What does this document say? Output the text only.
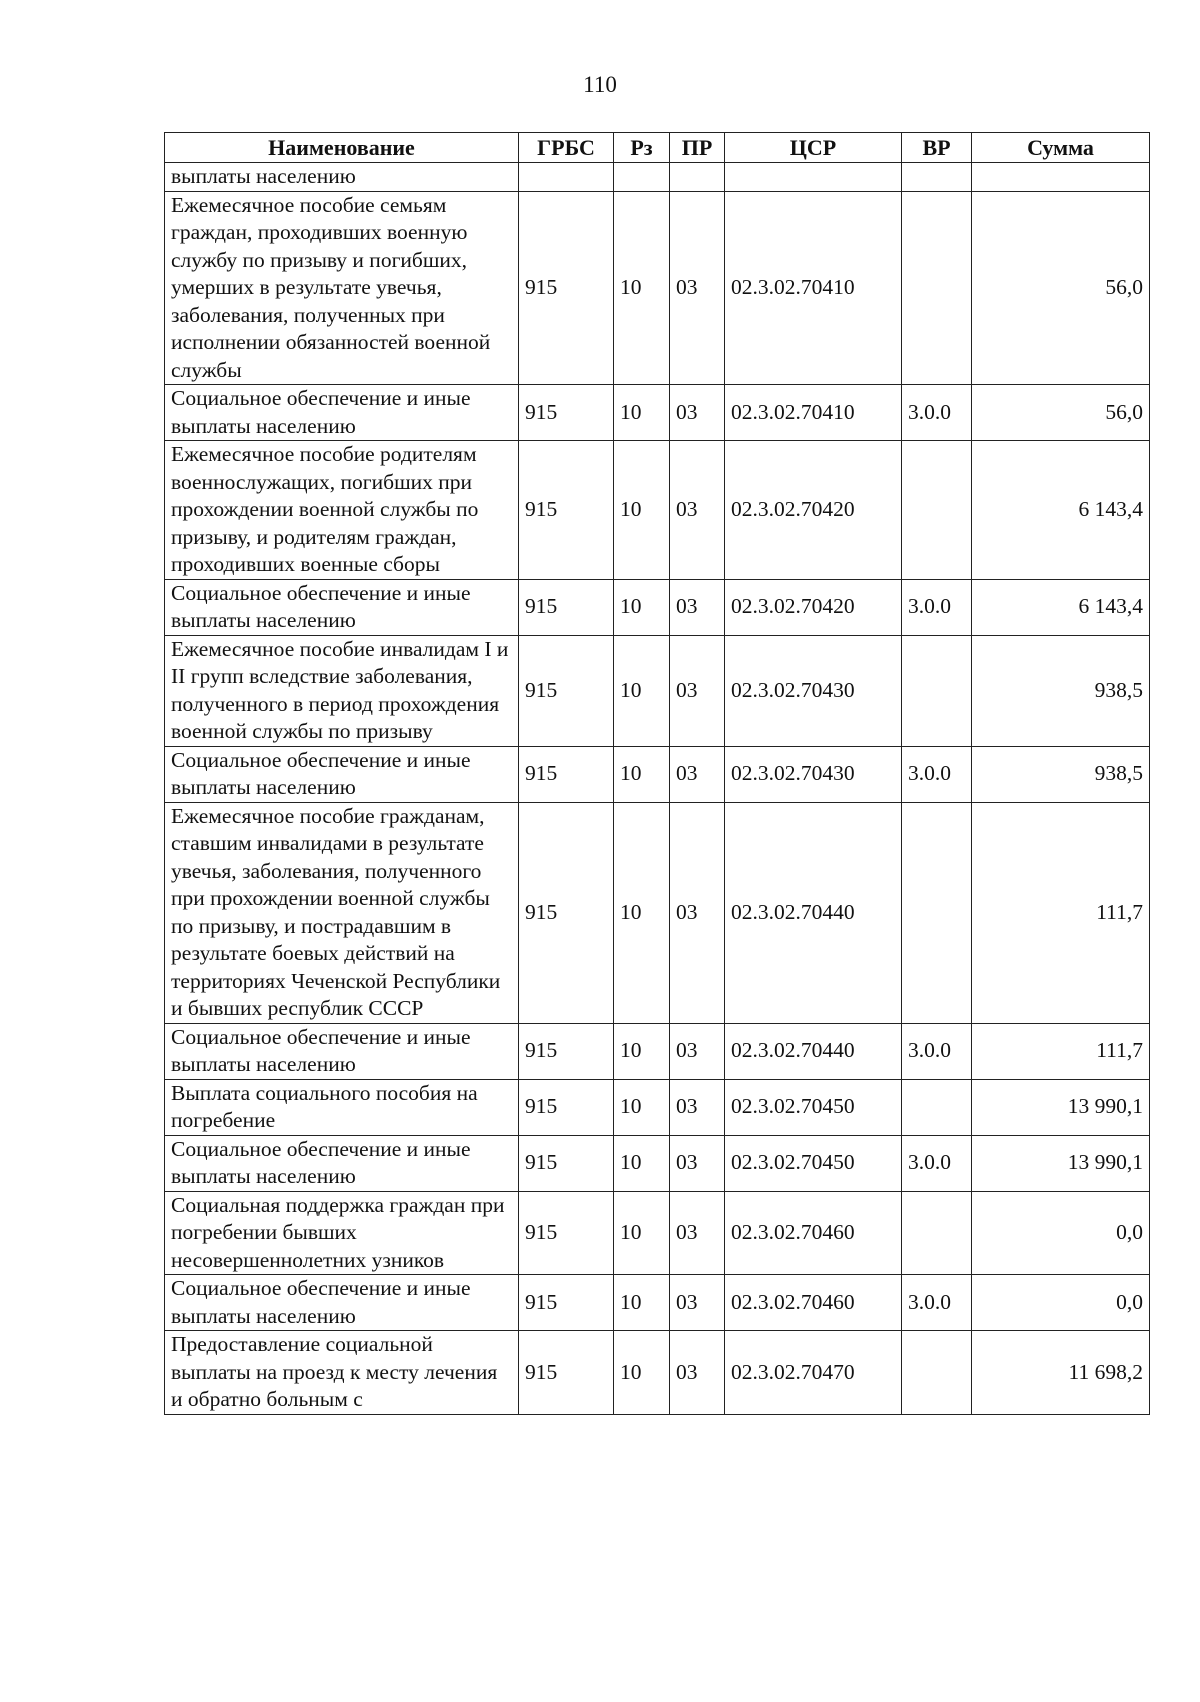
110
Наименование	ГРБС	Рз	ПР	ЦСР	ВР	Сумма
выплаты населению						
Ежемесячное пособие семьям граждан, проходивших военную службу по призыву и погибших, умерших в результате увечья, заболевания, полученных при исполнении обязанностей военной службы	915	10	03	02.3.02.70410		56,0
Социальное обеспечение и иные выплаты населению	915	10	03	02.3.02.70410	3.0.0	56,0
Ежемесячное пособие родителям военнослужащих, погибших при прохождении военной службы по призыву, и родителям граждан, проходивших военные сборы	915	10	03	02.3.02.70420		6 143,4
Социальное обеспечение и иные выплаты населению	915	10	03	02.3.02.70420	3.0.0	6 143,4
Ежемесячное пособие инвалидам I и II групп вследствие заболевания, полученного в период прохождения военной службы по призыву	915	10	03	02.3.02.70430		938,5
Социальное обеспечение и иные выплаты населению	915	10	03	02.3.02.70430	3.0.0	938,5
Ежемесячное пособие гражданам, ставшим инвалидами в результате увечья, заболевания, полученного при прохождении военной службы по призыву, и пострадавшим в результате боевых действий на территориях Чеченской Республики и бывших республик СССР	915	10	03	02.3.02.70440		111,7
Социальное обеспечение и иные выплаты населению	915	10	03	02.3.02.70440	3.0.0	111,7
Выплата социального пособия на погребение	915	10	03	02.3.02.70450		13 990,1
Социальное обеспечение и иные выплаты населению	915	10	03	02.3.02.70450	3.0.0	13 990,1
Социальная поддержка граждан при погребении бывших несовершеннолетних узников	915	10	03	02.3.02.70460		0,0
Социальное обеспечение и иные выплаты населению	915	10	03	02.3.02.70460	3.0.0	0,0
Предоставление социальной выплаты на проезд к месту лечения и обратно больным с	915	10	03	02.3.02.70470		11 698,2
